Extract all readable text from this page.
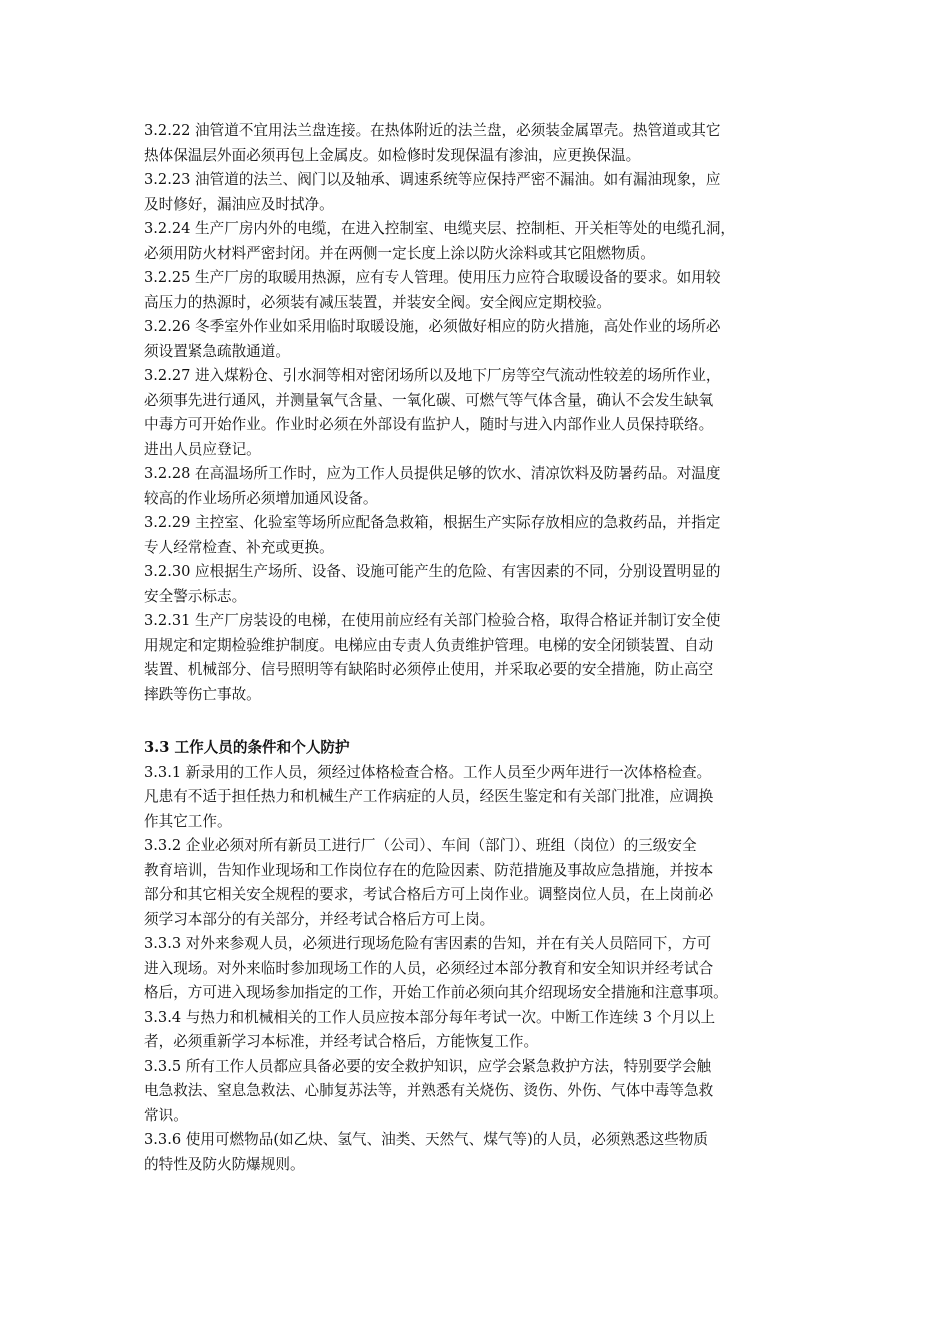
3.2.22 油管道不宜用法兰盘连接。在热体附近的法兰盘，必须装金属罩壳。热管道或其它
热体保温层外面必须再包上金属皮。如检修时发现保温有渗油，应更换保温。
3.2.23 油管道的法兰、阀门以及轴承、调速系统等应保持严密不漏油。如有漏油现象，应
及时修好，漏油应及时拭净。
3.2.24 生产厂房内外的电缆，在进入控制室、电缆夹层、控制柜、开关柜等处的电缆孔洞，
必须用防火材料严密封闭。并在两侧一定长度上涂以防火涂料或其它阻燃物质。
3.2.25 生产厂房的取暖用热源，应有专人管理。使用压力应符合取暖设备的要求。如用较
高压力的热源时，必须装有减压装置，并装安全阀。安全阀应定期校验。
3.2.26 冬季室外作业如采用临时取暖设施，必须做好相应的防火措施，高处作业的场所必
须设置紧急疏散通道。
3.2.27 进入煤粉仓、引水洞等相对密闭场所以及地下厂房等空气流动性较差的场所作业，
必须事先进行通风，并测量氧气含量、一氧化碳、可燃气等气体含量，确认不会发生缺氧
中毒方可开始作业。作业时必须在外部设有监护人，随时与进入内部作业人员保持联络。
进出人员应登记。
3.2.28 在高温场所工作时，应为工作人员提供足够的饮水、清凉饮料及防暑药品。对温度
较高的作业场所必须增加通风设备。
3.2.29 主控室、化验室等场所应配备急救箱，根据生产实际存放相应的急救药品，并指定
专人经常检查、补充或更换。
3.2.30 应根据生产场所、设备、设施可能产生的危险、有害因素的不同，分别设置明显的
安全警示标志。
3.2.31 生产厂房装设的电梯，在使用前应经有关部门检验合格，取得合格证并制订安全使
用规定和定期检验维护制度。电梯应由专责人负责维护管理。电梯的安全闭锁装置、自动
装置、机械部分、信号照明等有缺陷时必须停止使用，并采取必要的安全措施，防止高空
摔跌等伤亡事故。
3.3 工作人员的条件和个人防护
3.3.1 新录用的工作人员，须经过体格检查合格。工作人员至少两年进行一次体格检查。
凡患有不适于担任热力和机械生产工作病症的人员，经医生鉴定和有关部门批准，应调换
作其它工作。
3.3.2 企业必须对所有新员工进行厂（公司）、车间（部门）、班组（岗位）的三级安全
教育培训，告知作业现场和工作岗位存在的危险因素、防范措施及事故应急措施，并按本
部分和其它相关安全规程的要求，考试合格后方可上岗作业。调整岗位人员，在上岗前必
须学习本部分的有关部分，并经考试合格后方可上岗。
3.3.3 对外来参观人员，必须进行现场危险有害因素的告知，并在有关人员陪同下，方可
进入现场。对外来临时参加现场工作的人员，必须经过本部分教育和安全知识并经考试合
格后，方可进入现场参加指定的工作，开始工作前必须向其介绍现场安全措施和注意事项。
3.3.4 与热力和机械相关的工作人员应按本部分每年考试一次。中断工作连续 3 个月以上
者，必须重新学习本标准，并经考试合格后，方能恢复工作。
3.3.5 所有工作人员都应具备必要的安全救护知识，应学会紧急救护方法，特别要学会触
电急救法、窒息急救法、心肺复苏法等，并熟悉有关烧伤、烫伤、外伤、气体中毒等急救
常识。
3.3.6 使用可燃物品(如乙炔、氢气、油类、天然气、煤气等)的人员，必须熟悉这些物质
的特性及防火防爆规则。
